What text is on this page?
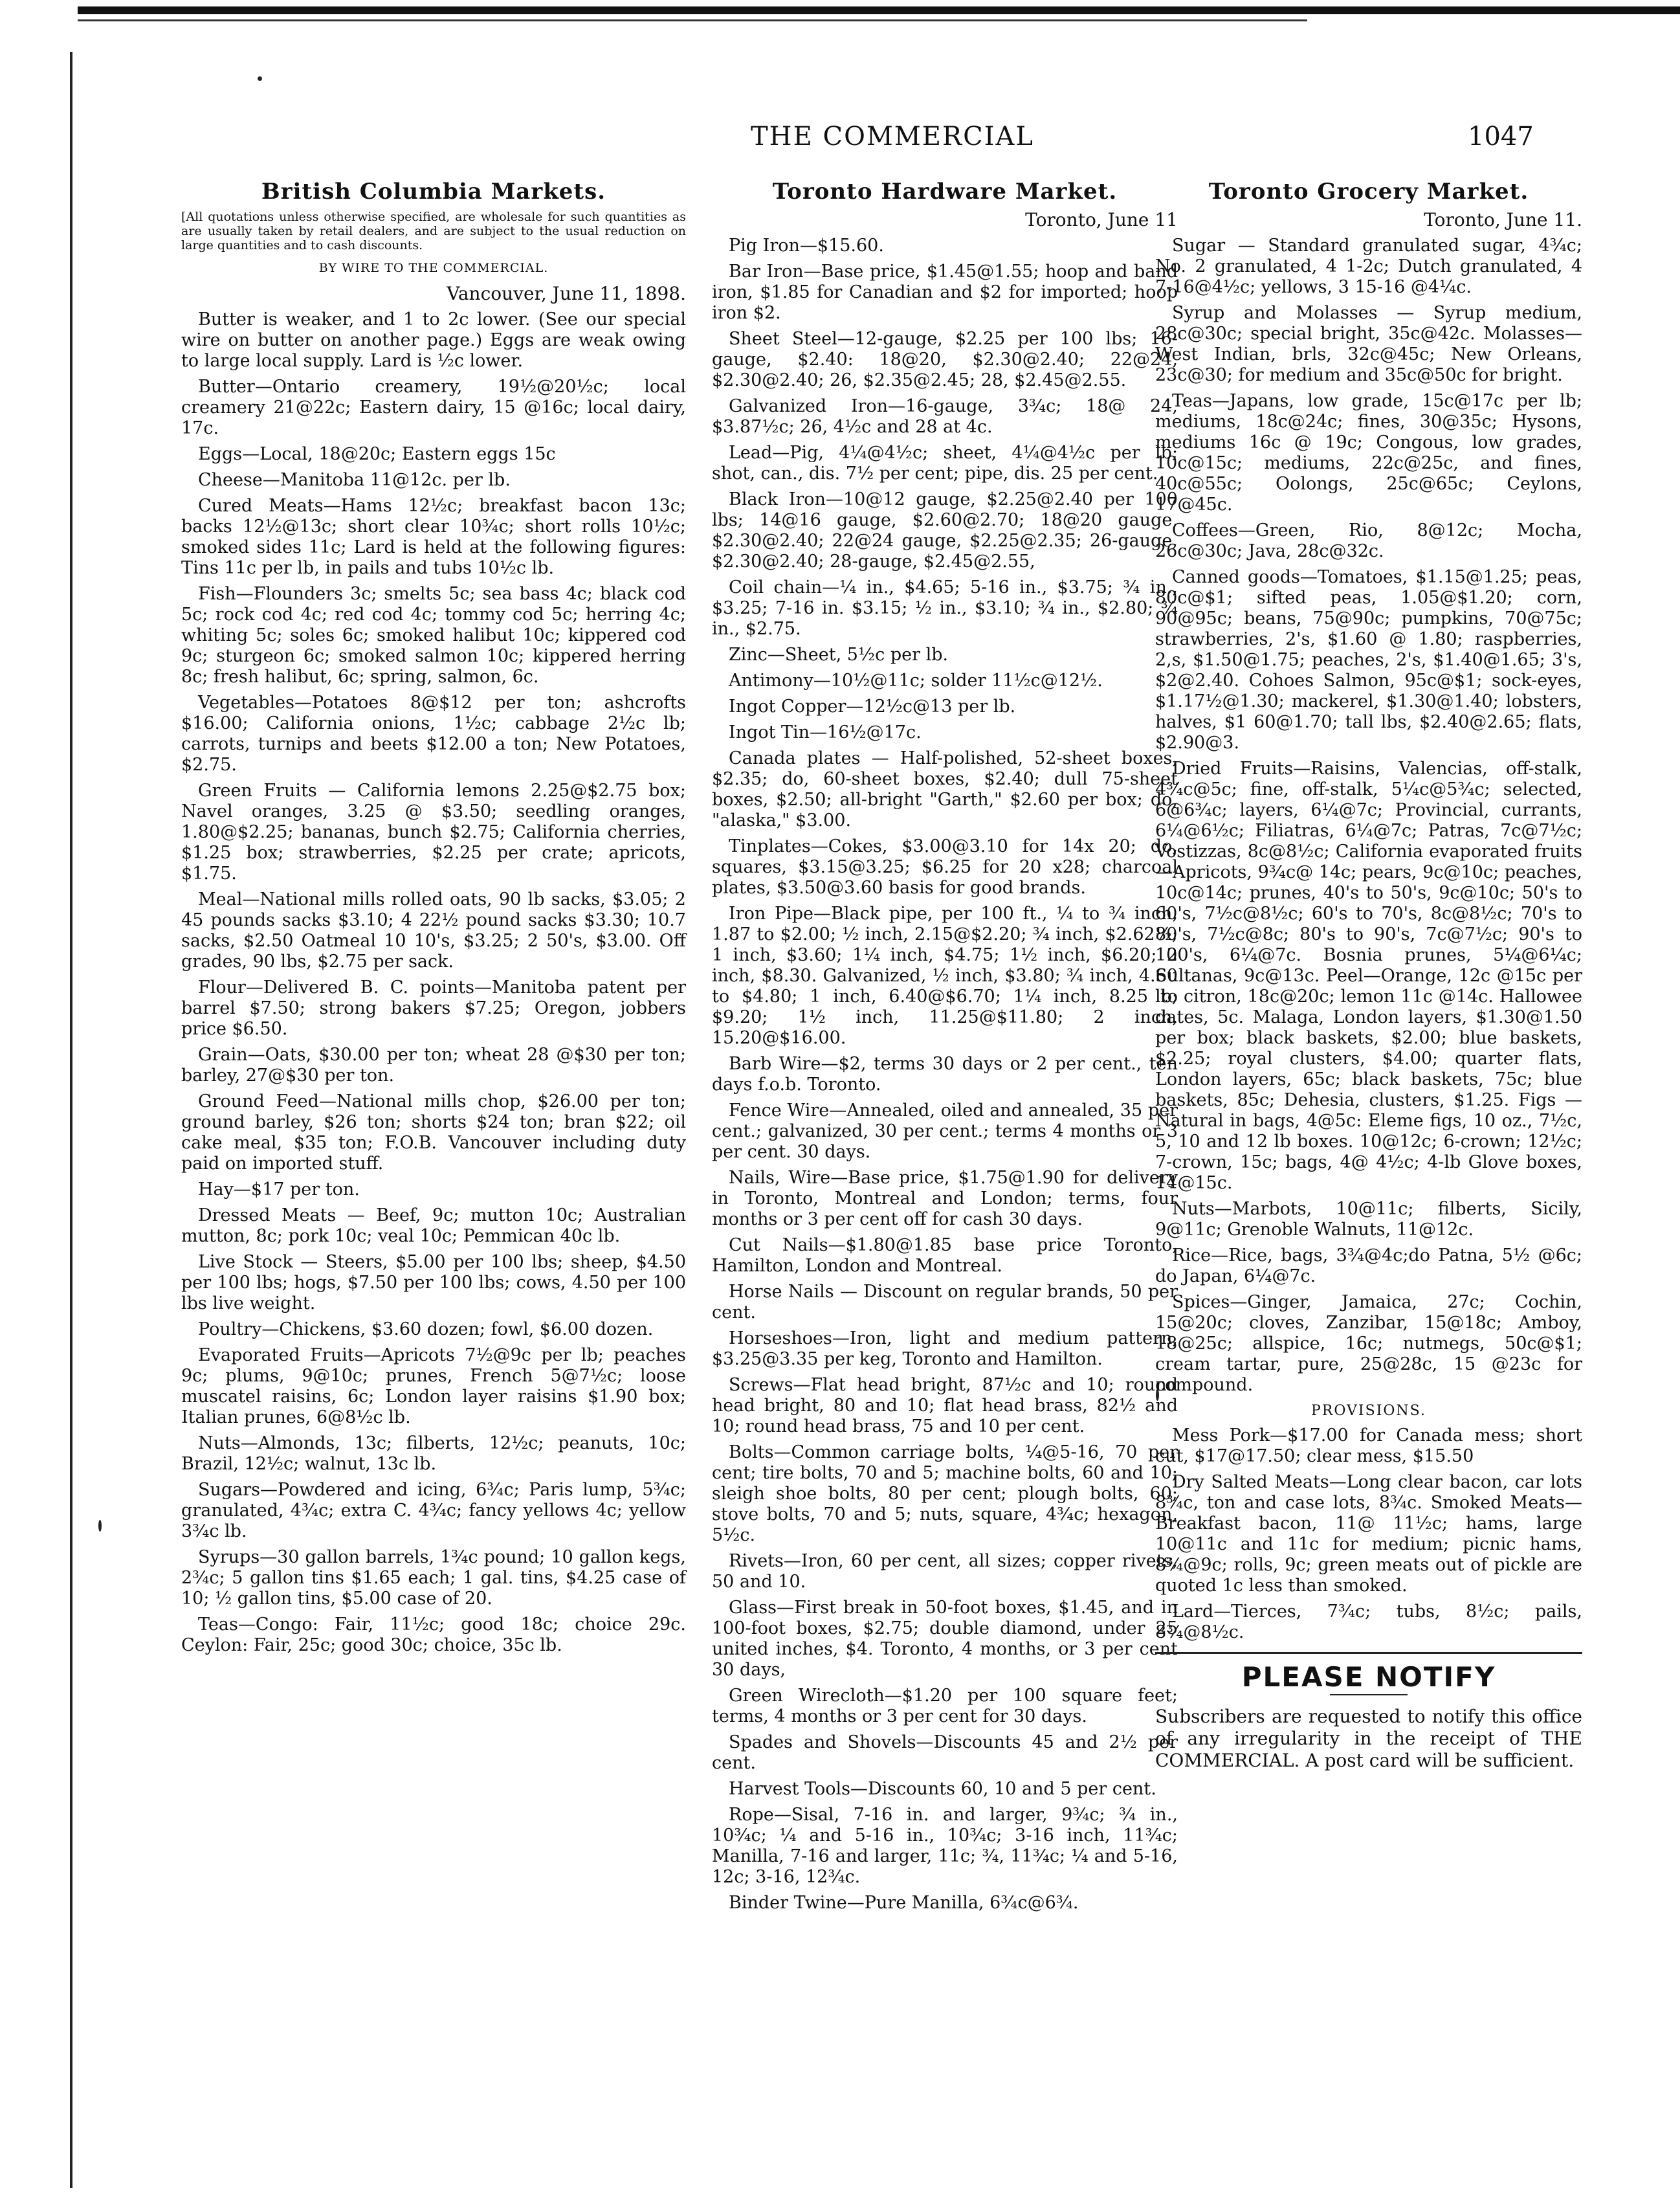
THE COMMERCIAL	1047
British Columbia Markets.
[All quotations unless otherwise specified, are wholesale for such quantities as are usually taken by retail dealers, and are subject to the usual reduction on large quantities and to cash discounts.
BY WIRE TO THE COMMERCIAL.
Vancouver, June 11, 1898.
Butter is weaker, and 1 to 2c lower. (See our special wire on butter on another page.) Eggs are weak owing to large local supply. Lard is ½c lower.
Butter—Ontario creamery, 19½@20½c; local creamery 21@22c; Eastern dairy, 15 @16c; local dairy, 17c.
Eggs—Local, 18@20c; Eastern eggs 15c
Cheese—Manitoba 11@12c. per lb.
Cured Meats—Hams 12½c; breakfast bacon 13c; backs 12½@13c; short clear 10¾c; short rolls 10½c; smoked sides 11c; Lard is held at the following figures: Tins 11c per lb, in pails and tubs 10½c lb.
Fish—Flounders 3c; smelts 5c; sea bass 4c; black cod 5c; rock cod 4c; red cod 4c; tommy cod 5c; herring 4c; whiting 5c; soles 6c; smoked halibut 10c; kippered cod 9c; sturgeon 6c; smoked salmon 10c; kippered herring 8c; fresh halibut, 6c; spring, salmon, 6c.
Vegetables—Potatoes 8@$12 per ton; ashcrofts $16.00; California onions, 1½c; cabbage 2½c lb; carrots, turnips and beets $12.00 a ton; New Potatoes, $2.75.
Green Fruits — California lemons 2.25@$2.75 box; Navel oranges, 3.25 @ $3.50; seedling oranges, 1.80@$2.25; bananas, bunch $2.75; California cherries, $1.25 box; strawberries, $2.25 per crate; apricots, $1.75.
Meal—National mills rolled oats, 90 lb sacks, $3.05; 2 45 pounds sacks $3.10; 4 22½ pound sacks $3.30; 10.7 sacks, $2.50 Oatmeal 10 10's, $3.25; 2 50's, $3.00. Off grades, 90 lbs, $2.75 per sack.
Flour—Delivered B. C. points—Manitoba patent per barrel $7.50; strong bakers $7.25; Oregon, jobbers price $6.50.
Grain—Oats, $30.00 per ton; wheat 28 @$30 per ton; barley, 27@$30 per ton.
Ground Feed—National mills chop, $26.00 per ton; ground barley, $26 ton; shorts $24 ton; bran $22; oil cake meal, $35 ton; F.O.B. Vancouver including duty paid on imported stuff.
Hay—$17 per ton.
Dressed Meats — Beef, 9c; mutton 10c; Australian mutton, 8c; pork 10c; veal 10c; Pemmican 40c lb.
Live Stock — Steers, $5.00 per 100 lbs; sheep, $4.50 per 100 lbs; hogs, $7.50 per 100 lbs; cows, 4.50 per 100 lbs live weight.
Poultry—Chickens, $3.60 dozen; fowl, $6.00 dozen.
Evaporated Fruits—Apricots 7½@9c per lb; peaches 9c; plums, 9@10c; prunes, French 5@7½c; loose muscatel raisins, 6c; London layer raisins $1.90 box; Italian prunes, 6@8½c lb.
Nuts—Almonds, 13c; filberts, 12½c; peanuts, 10c; Brazil, 12½c; walnut, 13c lb.
Sugars—Powdered and icing, 6¾c; Paris lump, 5¾c; granulated, 4¾c; extra C. 4¾c; fancy yellows 4c; yellow 3¾c lb.
Syrups—30 gallon barrels, 1¾c pound; 10 gallon kegs, 2¾c; 5 gallon tins $1.65 each; 1 gal. tins, $4.25 case of 10; ½ gallon tins, $5.00 case of 20.
Teas—Congo: Fair, 11½c; good 18c; choice 29c. Ceylon: Fair, 25c; good 30c; choice, 35c lb.
Toronto Hardware Market.
Toronto, June 11
Pig Iron—$15.60.
Bar Iron—Base price, $1.45@1.55; hoop and band iron, $1.85 for Canadian and $2 for imported; hoop iron $2.
Sheet Steel—12-gauge, $2.25 per 100 lbs; 16-gauge, $2.40: 18@20, $2.30@2.40; 22@24, $2.30@2.40; 26, $2.35@2.45; 28, $2.45@2.55.
Galvanized Iron—16-gauge, 3¾c; 18@ 24, $3.87½c; 26, 4½c and 28 at 4c.
Lead—Pig, 4¼@4½c; sheet, 4¼@4½c per lb; shot, can., dis. 7½ per cent; pipe, dis. 25 per cent.
Black Iron—10@12 gauge, $2.25@2.40 per 100 lbs; 14@16 gauge, $2.60@2.70; 18@20 gauge, $2.30@2.40; 22@24 gauge, $2.25@2.35; 26-gauge, $2.30@2.40; 28-gauge, $2.45@2.55,
Coil chain—¼ in., $4.65; 5-16 in., $3.75; ¾ in., $3.25; 7-16 in. $3.15; ½ in., $3.10; ¾ in., $2.80; ¾ in., $2.75.
Zinc—Sheet, 5½c per lb.
Antimony—10½@11c; solder 11½c@12½.
Ingot Copper—12½c@13 per lb.
Ingot Tin—16½@17c.
Canada plates — Half-polished, 52-sheet boxes, $2.35; do, 60-sheet boxes, $2.40; dull 75-sheet boxes, $2.50; all-bright "Garth," $2.60 per box; do, "alaska," $3.00.
Tinplates—Cokes, $3.00@3.10 for 14x 20; do, squares, $3.15@3.25; $6.25 for 20 x28; charcoal plates, $3.50@3.60 basis for good brands.
Iron Pipe—Black pipe, per 100 ft., ¼ to ¾ inch, 1.87 to $2.00; ½ inch, 2.15@$2.20; ¾ inch, $2.62½; 1 inch, $3.60; 1¼ inch, $4.75; 1½ inch, $6.20; 2 inch, $8.30. Galvanized, ½ inch, $3.80; ¾ inch, 4.60 to $4.80; 1 inch, 6.40@$6.70; 1¼ inch, 8.25 to $9.20; 1½ inch, 11.25@$11.80; 2 inch, 15.20@$16.00.
Barb Wire—$2, terms 30 days or 2 per cent., ten days f.o.b. Toronto.
Fence Wire—Annealed, oiled and annealed, 35 per cent.; galvanized, 30 per cent.; terms 4 months or 3 per cent. 30 days.
Nails, Wire—Base price, $1.75@1.90 for delivery in Toronto, Montreal and London; terms, four months or 3 per cent off for cash 30 days.
Cut Nails—$1.80@1.85 base price Toronto, Hamilton, London and Montreal.
Horse Nails — Discount on regular brands, 50 per cent.
Horseshoes—Iron, light and medium pattern, $3.25@3.35 per keg, Toronto and Hamilton.
Screws—Flat head bright, 87½c and 10; round head bright, 80 and 10; flat head brass, 82½ and 10; round head brass, 75 and 10 per cent.
Bolts—Common carriage bolts, ¼@5-16, 70 per cent; tire bolts, 70 and 5; machine bolts, 60 and 10; sleigh shoe bolts, 80 per cent; plough bolts, 60; stove bolts, 70 and 5; nuts, square, 4¾c; hexagon, 5½c.
Rivets—Iron, 60 per cent, all sizes; copper rivets, 50 and 10.
Glass—First break in 50-foot boxes, $1.45, and in 100-foot boxes, $2.75; double diamond, under 25 united inches, $4. Toronto, 4 months, or 3 per cent 30 days,
Green Wirecloth—$1.20 per 100 square feet; terms, 4 months or 3 per cent for 30 days.
Spades and Shovels—Discounts 45 and 2½ per cent.
Harvest Tools—Discounts 60, 10 and 5 per cent.
Rope—Sisal, 7-16 in. and larger, 9¾c; ¾ in., 10¾c; ¼ and 5-16 in., 10¾c; 3-16 inch, 11¾c; Manilla, 7-16 and larger, 11c; ¾, 11¾c; ¼ and 5-16, 12c; 3-16, 12¾c.
Binder Twine—Pure Manilla, 6¾c@6¾.
Toronto Grocery Market.
Toronto, June 11.
Sugar — Standard granulated sugar, 4¾c; No. 2 granulated, 4 1-2c; Dutch granulated, 4 7-16@4½c; yellows, 3 15-16 @4¼c.
Syrup and Molasses — Syrup medium, 28c@30c; special bright, 35c@42c. Molasses—West Indian, brls, 32c@45c; New Orleans, 23c@30; for medium and 35c@50c for bright.
Teas—Japans, low grade, 15c@17c per lb; mediums, 18c@24c; fines, 30@35c; Hysons, mediums 16c @ 19c; Congous, low grades, 10c@15c; mediums, 22c@25c, and fines, 40c@55c; Oolongs, 25c@65c; Ceylons, 17@45c.
Coffees—Green, Rio, 8@12c; Mocha, 26c@30c; Java, 28c@32c.
Canned goods—Tomatoes, $1.15@1.25; peas, 80c@$1; sifted peas, 1.05@$1.20; corn, 90@95c; beans, 75@90c; pumpkins, 70@75c; strawberries, 2's, $1.60 @ 1.80; raspberries, 2,s, $1.50@1.75; peaches, 2's, $1.40@1.65; 3's, $2@2.40. Cohoes Salmon, 95c@$1; sock-eyes, $1.17½@1.30; mackerel, $1.30@1.40; lobsters, halves, $1 60@1.70; tall lbs, $2.40@2.65; flats, $2.90@3.
Dried Fruits—Raisins, Valencias, off-stalk, 4¾c@5c; fine, off-stalk, 5¼c@5¾c; selected, 6@6¾c; layers, 6¼@7c; Provincial, currants, 6¼@6½c; Filiatras, 6¼@7c; Patras, 7c@7½c; Vostizzas, 8c@8½c; California evaporated fruits—Apricots, 9¾c@ 14c; pears, 9c@10c; peaches, 10c@14c; prunes, 40's to 50's, 9c@10c; 50's to 60's, 7½c@8½c; 60's to 70's, 8c@8½c; 70's to 80's, 7½c@8c; 80's to 90's, 7c@7½c; 90's to 100's, 6¼@7c. Bosnia prunes, 5¼@6¼c; Sultanas, 9c@13c. Peel—Orange, 12c @15c per lb; citron, 18c@20c; lemon 11c @14c. Hallowee dates, 5c. Malaga, London layers, $1.30@1.50 per box; black baskets, $2.00; blue baskets, $2.25; royal clusters, $4.00; quarter flats, London layers, 65c; black baskets, 75c; blue baskets, 85c; Dehesia, clusters, $1.25. Figs —Natural in bags, 4@5c: Eleme figs, 10 oz., 7½c, 5, 10 and 12 lb boxes. 10@12c; 6-crown; 12½c; 7-crown, 15c; bags, 4@ 4½c; 4-lb Glove boxes, 14@15c.
Nuts—Marbots, 10@11c; filberts, Sicily, 9@11c; Grenoble Walnuts, 11@12c.
Rice—Rice, bags, 3¾@4c;do Patna, 5½ @6c; do Japan, 6¼@7c.
Spices—Ginger, Jamaica, 27c; Cochin, 15@20c; cloves, Zanzibar, 15@18c; Amboy, 18@25c; allspice, 16c; nutmegs, 50c@$1; cream tartar, pure, 25@28c, 15 @23c for compound.
PROVISIONS.
Mess Pork—$17.00 for Canada mess; short cut, $17@17.50; clear mess, $15.50
Dry Salted Meats—Long clear bacon, car lots 8¾c, ton and case lots, 8¾c. Smoked Meats—Breakfast bacon, 11@ 11½c; hams, large 10@11c and 11c for medium; picnic hams, 8¾@9c; rolls, 9c; green meats out of pickle are quoted 1c less than smoked.
Lard—Tierces, 7¾c; tubs, 8½c; pails, 8¾@8½c.
PLEASE NOTIFY
Subscribers are requested to notify this office of any irregularity in the receipt of THE COMMERCIAL. A post card will be sufficient.
